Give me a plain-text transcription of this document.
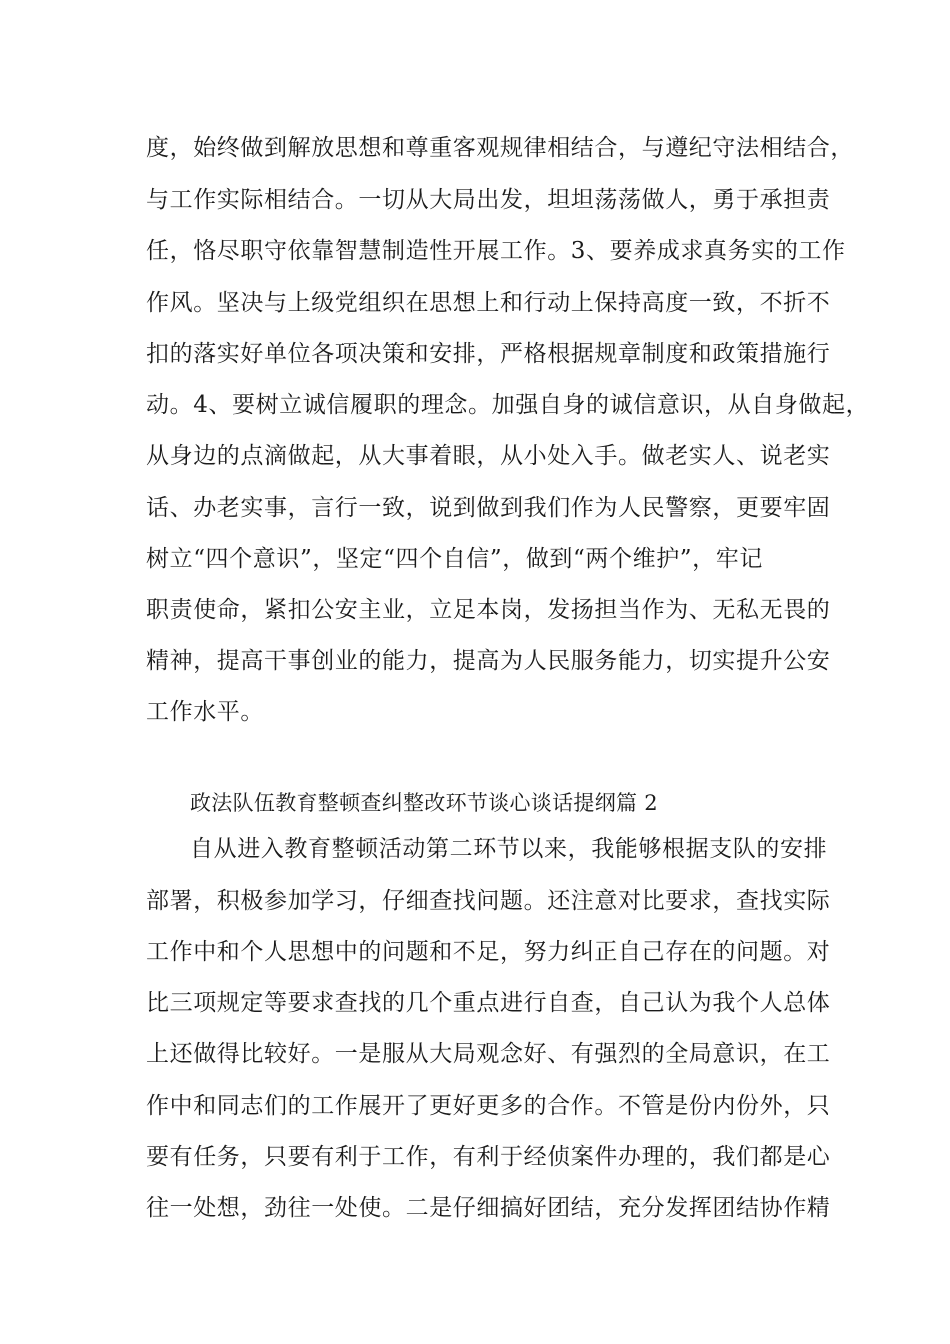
度，始终做到解放思想和尊重客观规律相结合，与遵纪守法相结合，
与工作实际相结合。一切从大局出发，坦坦荡荡做人，勇于承担责
任，恪尽职守依靠智慧制造性开展工作。3、要养成求真务实的工作
作风。坚决与上级党组织在思想上和行动上保持高度一致，不折不
扣的落实好单位各项决策和安排，严格根据规章制度和政策措施行
动。4、要树立诚信履职的理念。加强自身的诚信意识，从自身做起，
从身边的点滴做起，从大事着眼，从小处入手。做老实人、说老实
话、办老实事，言行一致，说到做到我们作为人民警察，更要牢固
树立“四个意识”，坚定“四个自信”，做到“两个维护”，牢记
职责使命，紧扣公安主业，立足本岗，发扬担当作为、无私无畏的
精神，提高干事创业的能力，提高为人民服务能力，切实提升公安
工作水平。
政法队伍教育整顿查纠整改环节谈心谈话提纲篇 2
自从进入教育整顿活动第二环节以来，我能够根据支队的安排
部署，积极参加学习，仔细查找问题。还注意对比要求，查找实际
工作中和个人思想中的问题和不足，努力纠正自己存在的问题。对
比三项规定等要求查找的几个重点进行自查，自己认为我个人总体
上还做得比较好。一是服从大局观念好、有强烈的全局意识，在工
作中和同志们的工作展开了更好更多的合作。不管是份内份外，只
要有任务，只要有利于工作，有利于经侦案件办理的，我们都是心
往一处想，劲往一处使。二是仔细搞好团结，充分发挥团结协作精
